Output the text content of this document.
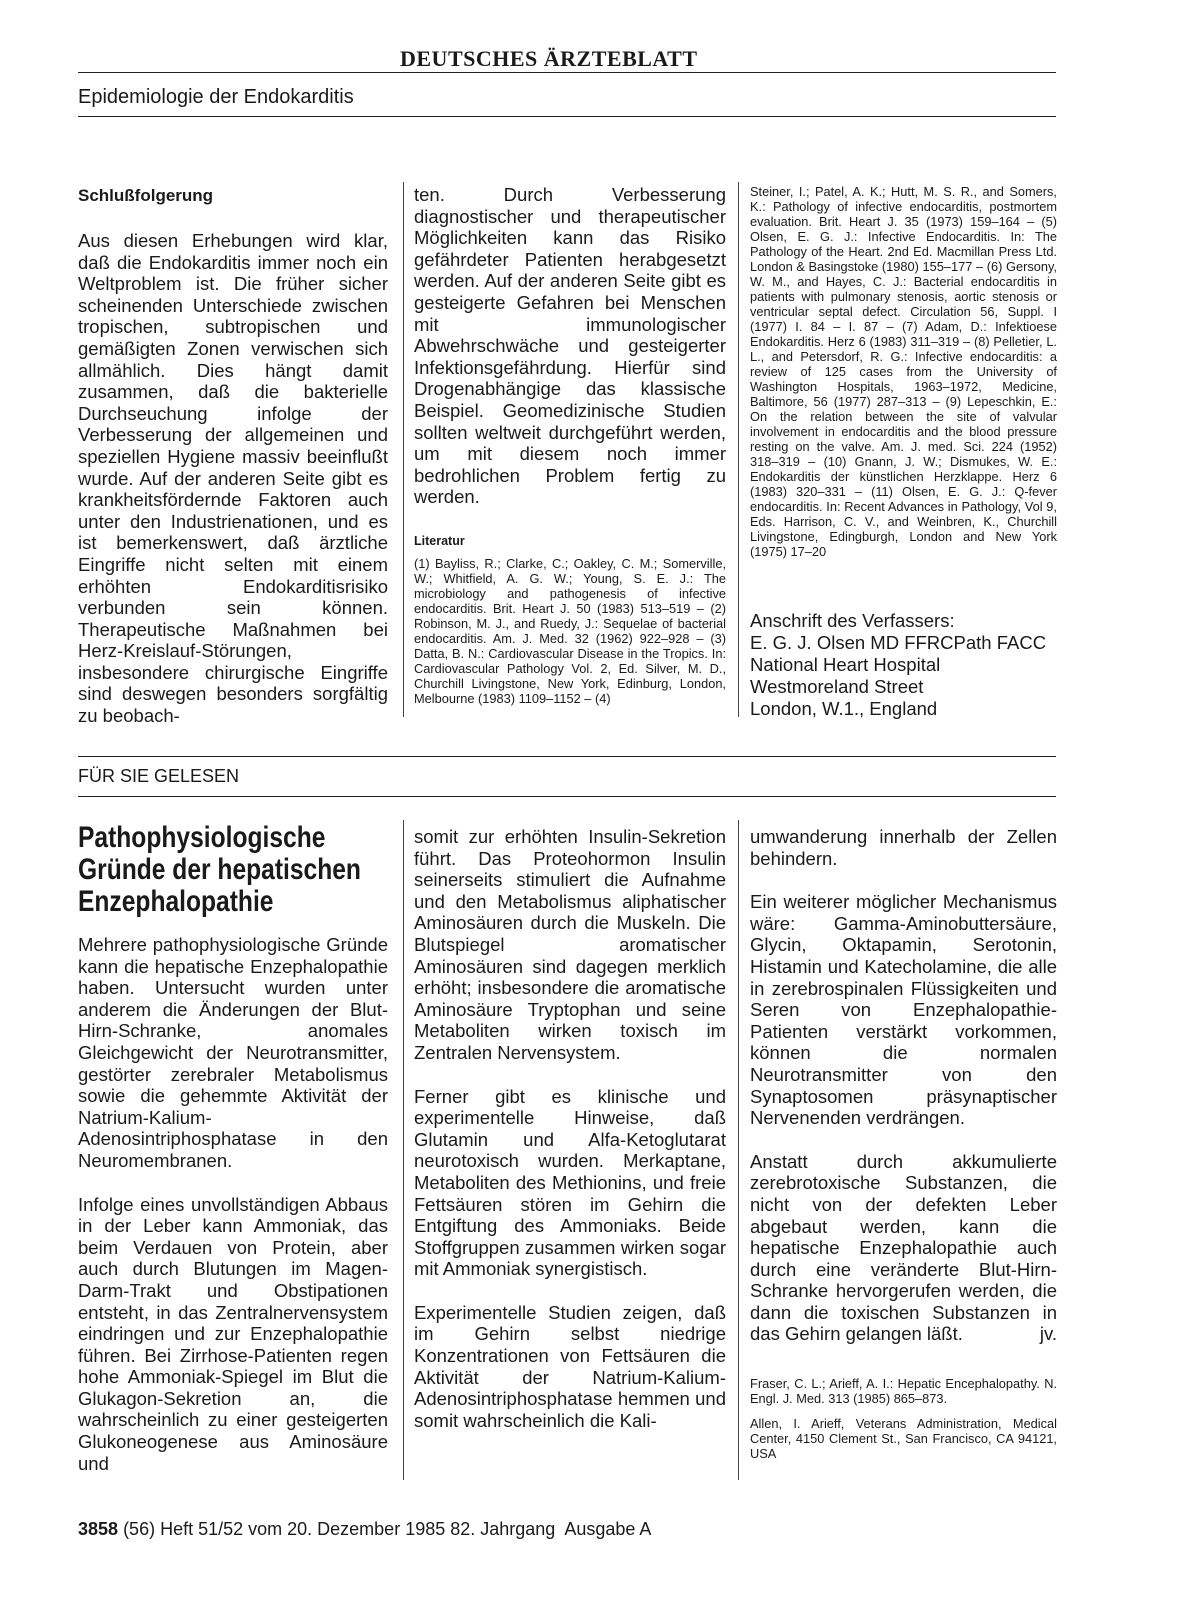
DEUTSCHES ÄRZTEBLATT
Epidemiologie der Endokarditis
Schlußfolgerung

Aus diesen Erhebungen wird klar, daß die Endokarditis immer noch ein Weltproblem ist. Die früher sicher scheinenden Unterschiede zwischen tropischen, subtropischen und gemäßigten Zonen verwischen sich allmählich. Dies hängt damit zusammen, daß die bakterielle Durchseuchung infolge der Verbesserung der allgemeinen und speziellen Hygiene massiv beeinflußt wurde. Auf der anderen Seite gibt es krankheitsfördernde Faktoren auch unter den Industrienationen, und es ist bemerkenswert, daß ärztliche Eingriffe nicht selten mit einem erhöhten Endokarditisrisiko verbunden sein können. Therapeutische Maßnahmen bei Herz-Kreislauf-Störungen, insbesondere chirurgische Eingriffe sind deswegen besonders sorgfältig zu beobach-

ten. Durch Verbesserung diagnostischer und therapeutischer Möglichkeiten kann das Risiko gefährdeter Patienten herabgesetzt werden. Auf der anderen Seite gibt es gesteigerte Gefahren bei Menschen mit immunologischer Abwehrschwäche und gesteigerter Infektionsgefährdung. Hierfür sind Drogenabhängige das klassische Beispiel. Geomedizinische Studien sollten weltweit durchgeführt werden, um mit diesem noch immer bedrohlichen Problem fertig zu werden.

Literatur

(1) Bayliss, R.; Clarke, C.; Oakley, C. M.; Somerville, W.; Whitfield, A. G. W.; Young, S. E. J.: The microbiology and pathogenesis of infective endocarditis. Brit. Heart J. 50 (1983) 513–519 – (2) Robinson, M. J., and Ruedy, J.: Sequelae of bacterial endocarditis. Am. J. Med. 32 (1962) 922–928 – (3) Datta, B. N.: Cardiovascular Disease in the Tropics. In: Cardiovascular Pathology Vol. 2, Ed. Silver, M. D., Churchill Livingstone, New York, Edinburg, London, Melbourne (1983) 1109–1152 – (4)

Steiner, I.; Patel, A. K.; Hutt, M. S. R., and Somers, K.: Pathology of infective endocarditis, postmortem evaluation. Brit. Heart J. 35 (1973) 159–164 – (5) Olsen, E. G. J.: Infective Endocarditis. In: The Pathology of the Heart. 2nd Ed. Macmillan Press Ltd. London & Basingstoke (1980) 155–177 – (6) Gersony, W. M., and Hayes, C. J.: Bacterial endocarditis in patients with pulmonary stenosis, aortic stenosis or ventricular septal defect. Circulation 56, Suppl. I (1977) I. 84 – I. 87 – (7) Adam, D.: Infektioese Endokarditis. Herz 6 (1983) 311–319 – (8) Pelletier, L. L., and Petersdorf, R. G.: Infective endocarditis: a review of 125 cases from the University of Washington Hospitals, 1963–1972, Medicine, Baltimore, 56 (1977) 287–313 – (9) Lepeschkin, E.: On the relation between the site of valvular involvement in endocarditis and the blood pressure resting on the valve. Am. J. med. Sci. 224 (1952) 318–319 – (10) Gnann, J. W.; Dismukes, W. E.: Endokarditis der künstlichen Herzklappe. Herz 6 (1983) 320–331 – (11) Olsen, E. G. J.: Q-fever endocarditis. In: Recent Advances in Pathology, Vol 9, Eds. Harrison, C. V., and Weinbren, K., Churchill Livingstone, Edingburgh, London and New York (1975) 17–20

Anschrift des Verfassers:
E. G. J. Olsen MD FFRCPath FACC
National Heart Hospital
Westmoreland Street
London, W.1., England
FÜR SIE GELESEN
Pathophysiologische
Gründe der hepatischen
Enzephalopathie

Mehrere pathophysiologische Gründe kann die hepatische Enzephalopathie haben. Untersucht wurden unter anderem die Änderungen der Blut-Hirn-Schranke, anomales Gleichgewicht der Neurotransmitter, gestörter zerebraler Metabolismus sowie die gehemmte Aktivität der Natrium-Kalium-Adenosintriphosphatase in den Neuromembranen.

Infolge eines unvollständigen Abbaus in der Leber kann Ammoniak, das beim Verdauen von Protein, aber auch durch Blutungen im Magen-Darm-Trakt und Obstipationen entsteht, in das Zentralnervensystem eindringen und zur Enzephalopathie führen. Bei Zirrhose-Patienten regen hohe Ammoniak-Spiegel im Blut die Glukagon-Sekretion an, die wahrscheinlich zu einer gesteigerten Glukoneogenese aus Aminosäure und

somit zur erhöhten Insulin-Sekretion führt. Das Proteohormon Insulin seinerseits stimuliert die Aufnahme und den Metabolismus aliphatischer Aminosäuren durch die Muskeln. Die Blutspiegel aromatischer Aminosäuren sind dagegen merklich erhöht; insbesondere die aromatische Aminosäure Tryptophan und seine Metaboliten wirken toxisch im Zentralen Nervensystem.

Ferner gibt es klinische und experimentelle Hinweise, daß Glutamin und Alfa-Ketoglutarat neurotoxisch wurden. Merkaptane, Metaboliten des Methionins, und freie Fettsäuren stören im Gehirn die Entgiftung des Ammoniaks. Beide Stoffgruppen zusammen wirken sogar mit Ammoniak synergistisch.

Experimentelle Studien zeigen, daß im Gehirn selbst niedrige Konzentrationen von Fettsäuren die Aktivität der Natrium-Kalium-Adenosintriphosphatase hemmen und somit wahrscheinlich die Kali-

umwanderung innerhalb der Zellen behindern.

Ein weiterer möglicher Mechanismus wäre: Gamma-Aminobuttersäure, Glycin, Oktapamin, Serotonin, Histamin und Katecholamine, die alle in zerebrospinalen Flüssigkeiten und Seren von Enzephalopathie-Patienten verstärkt vorkommen, können die normalen Neurotransmitter von den Synaptosomen präsynaptischer Nervenenden verdrängen.

Anstatt durch akkumulierte zerebrotoxische Substanzen, die nicht von der defekten Leber abgebaut werden, kann die hepatische Enzephalopathie auch durch eine veränderte Blut-Hirn-Schranke hervorgerufen werden, die dann die toxischen Substanzen in das Gehirn gelangen läßt.	jv.

Fraser, C. L.; Arieff, A. I.: Hepatic Encephalopathy. N. Engl. J. Med. 313 (1985) 865–873.

Allen, I. Arieff, Veterans Administration, Medical Center, 4150 Clement St., San Francisco, CA 94121, USA

3858 (56) Heft 51/52 vom 20. Dezember 1985 82. Jahrgang  Ausgabe A
